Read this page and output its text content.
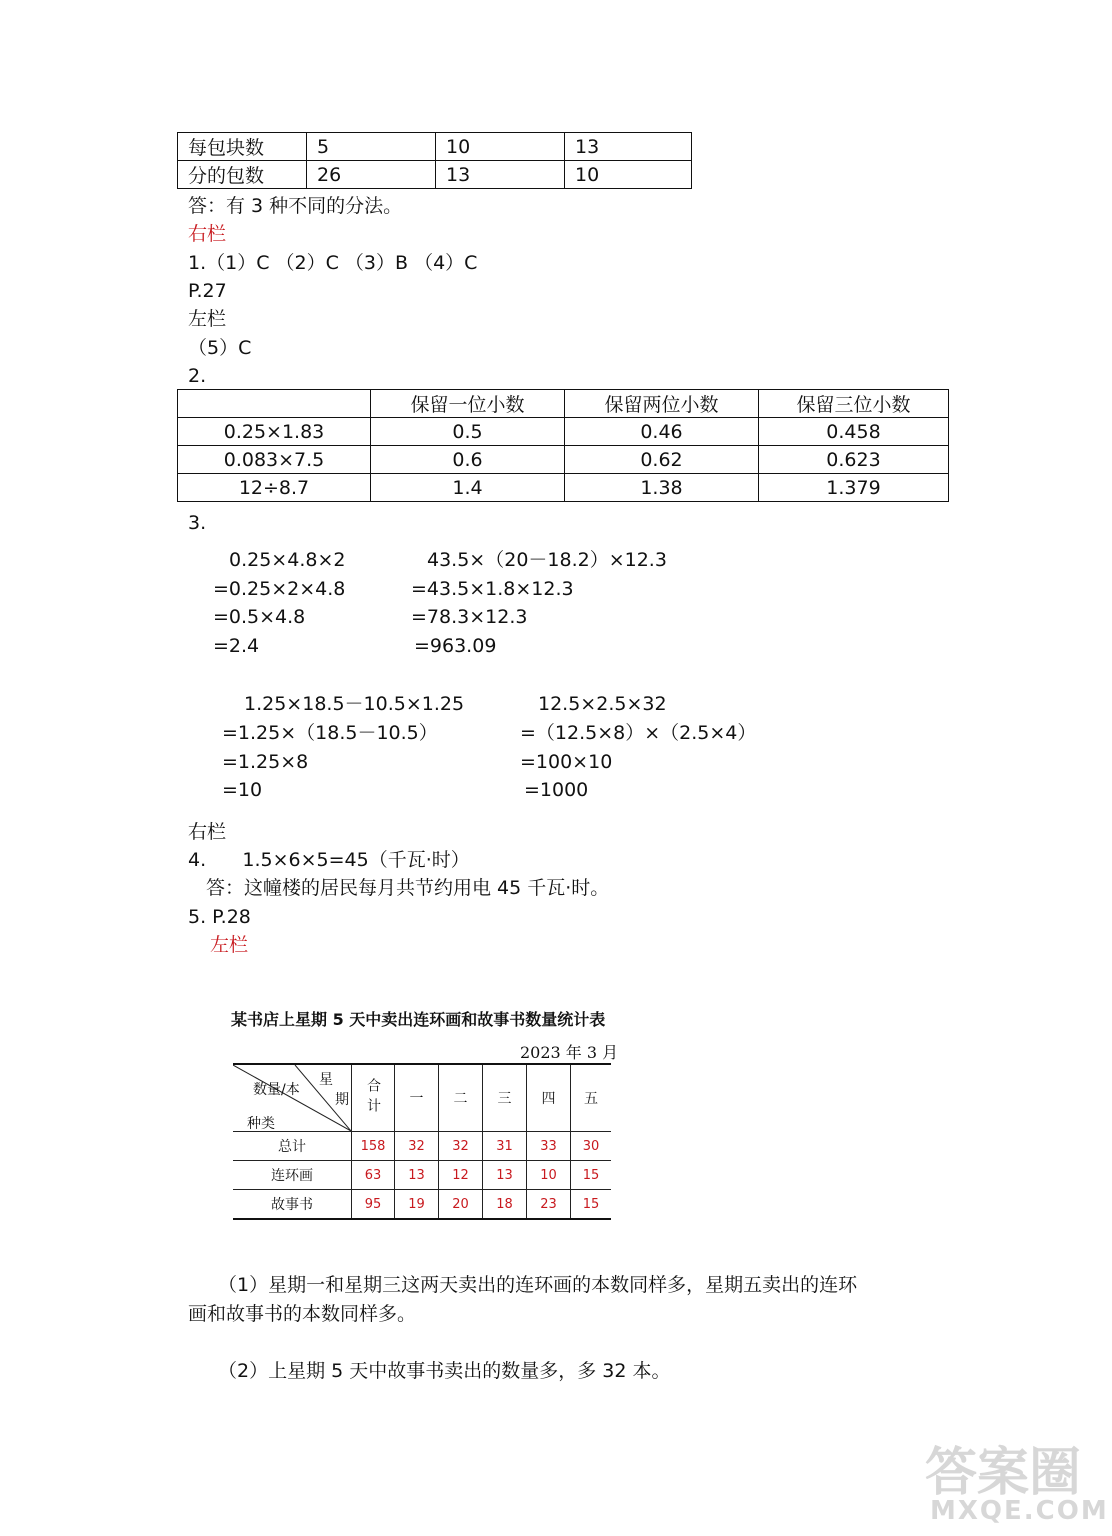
每包块数	5	10	13
分的包数	26	13	10
答：有 3 种不同的分法。
右栏
1.（1）C （2）C （3）B （4）C
P.27
左栏
（5）C
2.
	保留一位小数	保留两位小数	保留三位小数
0.25×1.83	0.5	0.46	0.458
0.083×7.5	0.6	0.62	0.623
12÷8.7	1.4	1.38	1.379
3.
0.25×4.8×2
=0.25×2×4.8
=0.5×4.8
=2.4
43.5×（20－18.2）×12.3
=43.5×1.8×12.3
=78.3×12.3
=963.09
1.25×18.5－10.5×1.25
=1.25×（18.5－10.5）
=1.25×8
=10
12.5×2.5×32
=（12.5×8）×（2.5×4）
=100×10
=1000
右栏
4.      1.5×6×5=45（千瓦·时）
答：这幢楼的居民每月共节约用电 45 千瓦·时。
5. P.28
左栏
某书店上星期 5 天中卖出连环画和故事书数量统计表
2023 年 3 月
星
期
数量/本
种类	合计	一	二	三	四	五
总计	158	32	32	31	33	30
连环画	63	13	12	13	10	15
故事书	95	19	20	18	23	15
（1）星期一和星期三这两天卖出的连环画的本数同样多，星期五卖出的连环
画和故事书的本数同样多。
（2）上星期 5 天中故事书卖出的数量多，多 32 本。
答案圈
MXQE.COM
